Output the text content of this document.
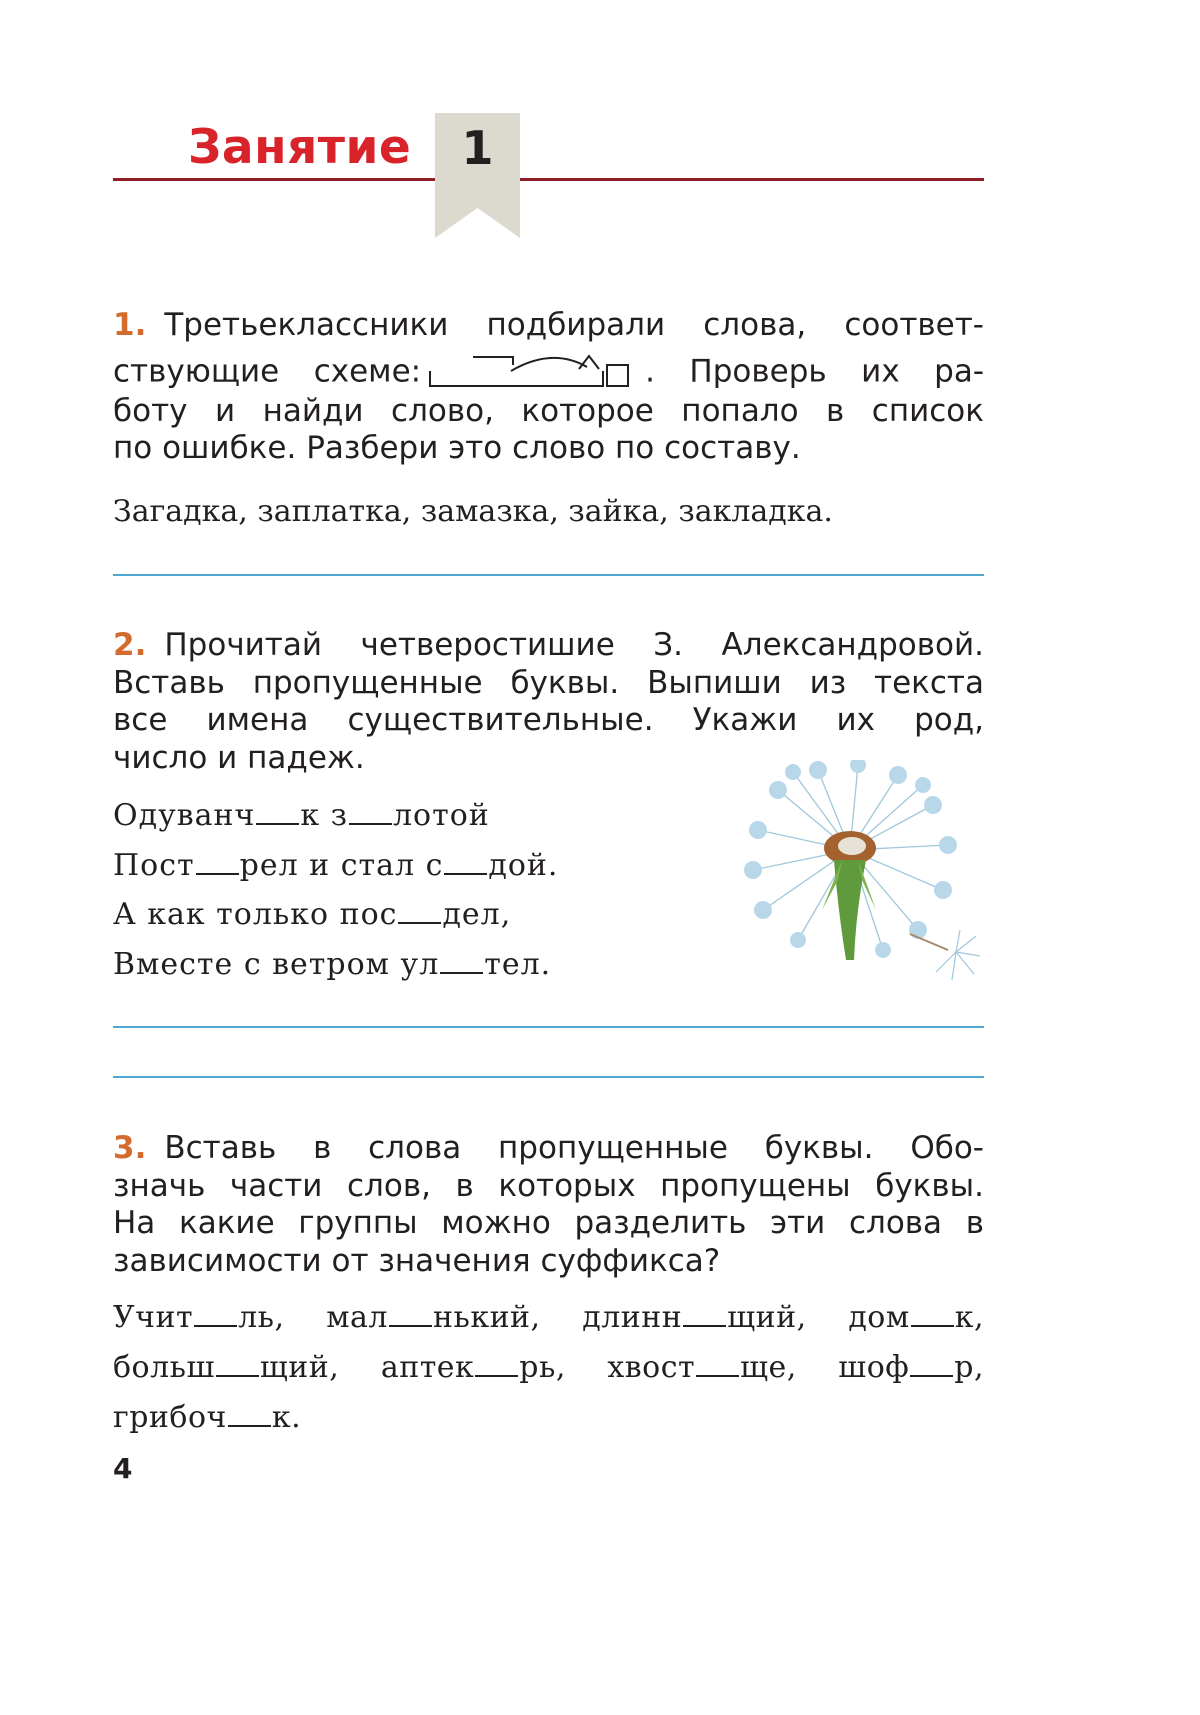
Занятие	1
1. Третьеклассники подбирали слова, соответ-
ствующие схеме:	. Проверь их ра-
боту и найди слово, которое попало в список
по ошибке. Разбери это слово по составу.
Загадка, заплатка, замазка, зайка, закладка.
2. Прочитай четверостишие З. Александровой.
Вставь пропущенные буквы. Выпиши из текста
все имена существительные. Укажи их род,
число и падеж.
Одуванч к з лотой
Пост рел и стал с дой.
А как только пос дел,
Вместе с ветром ул тел.
3. Вставь в слова пропущенные буквы. Обо-
значь части слов, в которых пропущены буквы.
На какие группы можно разделить эти слова в
зависимости от значения суффикса?
Учит ль, мал нький, длинн щий, дом к,
больш щий, аптек рь, хвост ще, шоф р,
грибоч к.
4
